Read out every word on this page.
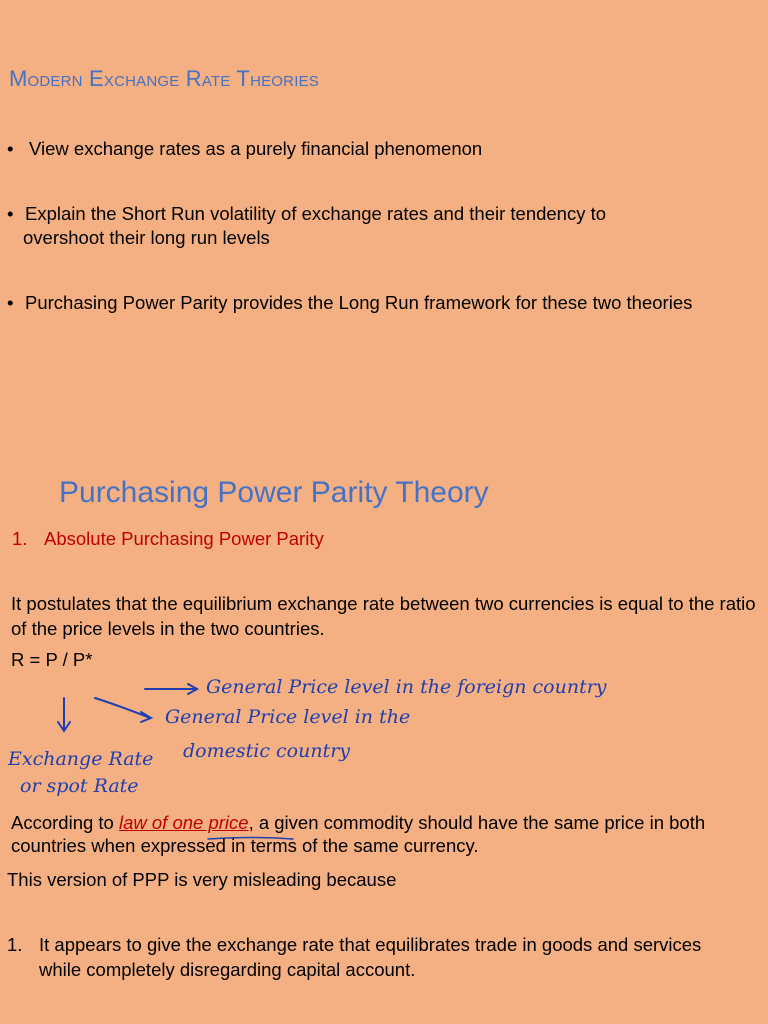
Modern Exchange Rate Theories
• View exchange rates as a purely financial phenomenon
• Explain the Short Run volatility of exchange rates and their tendency to
overshoot their long run levels
• Purchasing Power Parity provides the Long Run framework for these two theories
Purchasing Power Parity Theory
1. Absolute Purchasing Power Parity
It postulates that the equilibrium exchange rate between two currencies is equal to the ratio of the price levels in the two countries.
R = P / P*
General Price level in the foreign country
General Price level in the
domestic country
Exchange Rate
or spot Rate
According to law of one price, a given commodity should have the same price in both countries when expressed in terms of the same currency.
This version of PPP is very misleading because
1. It appears to give the exchange rate that equilibrates trade in goods and services while completely disregarding capital account.
